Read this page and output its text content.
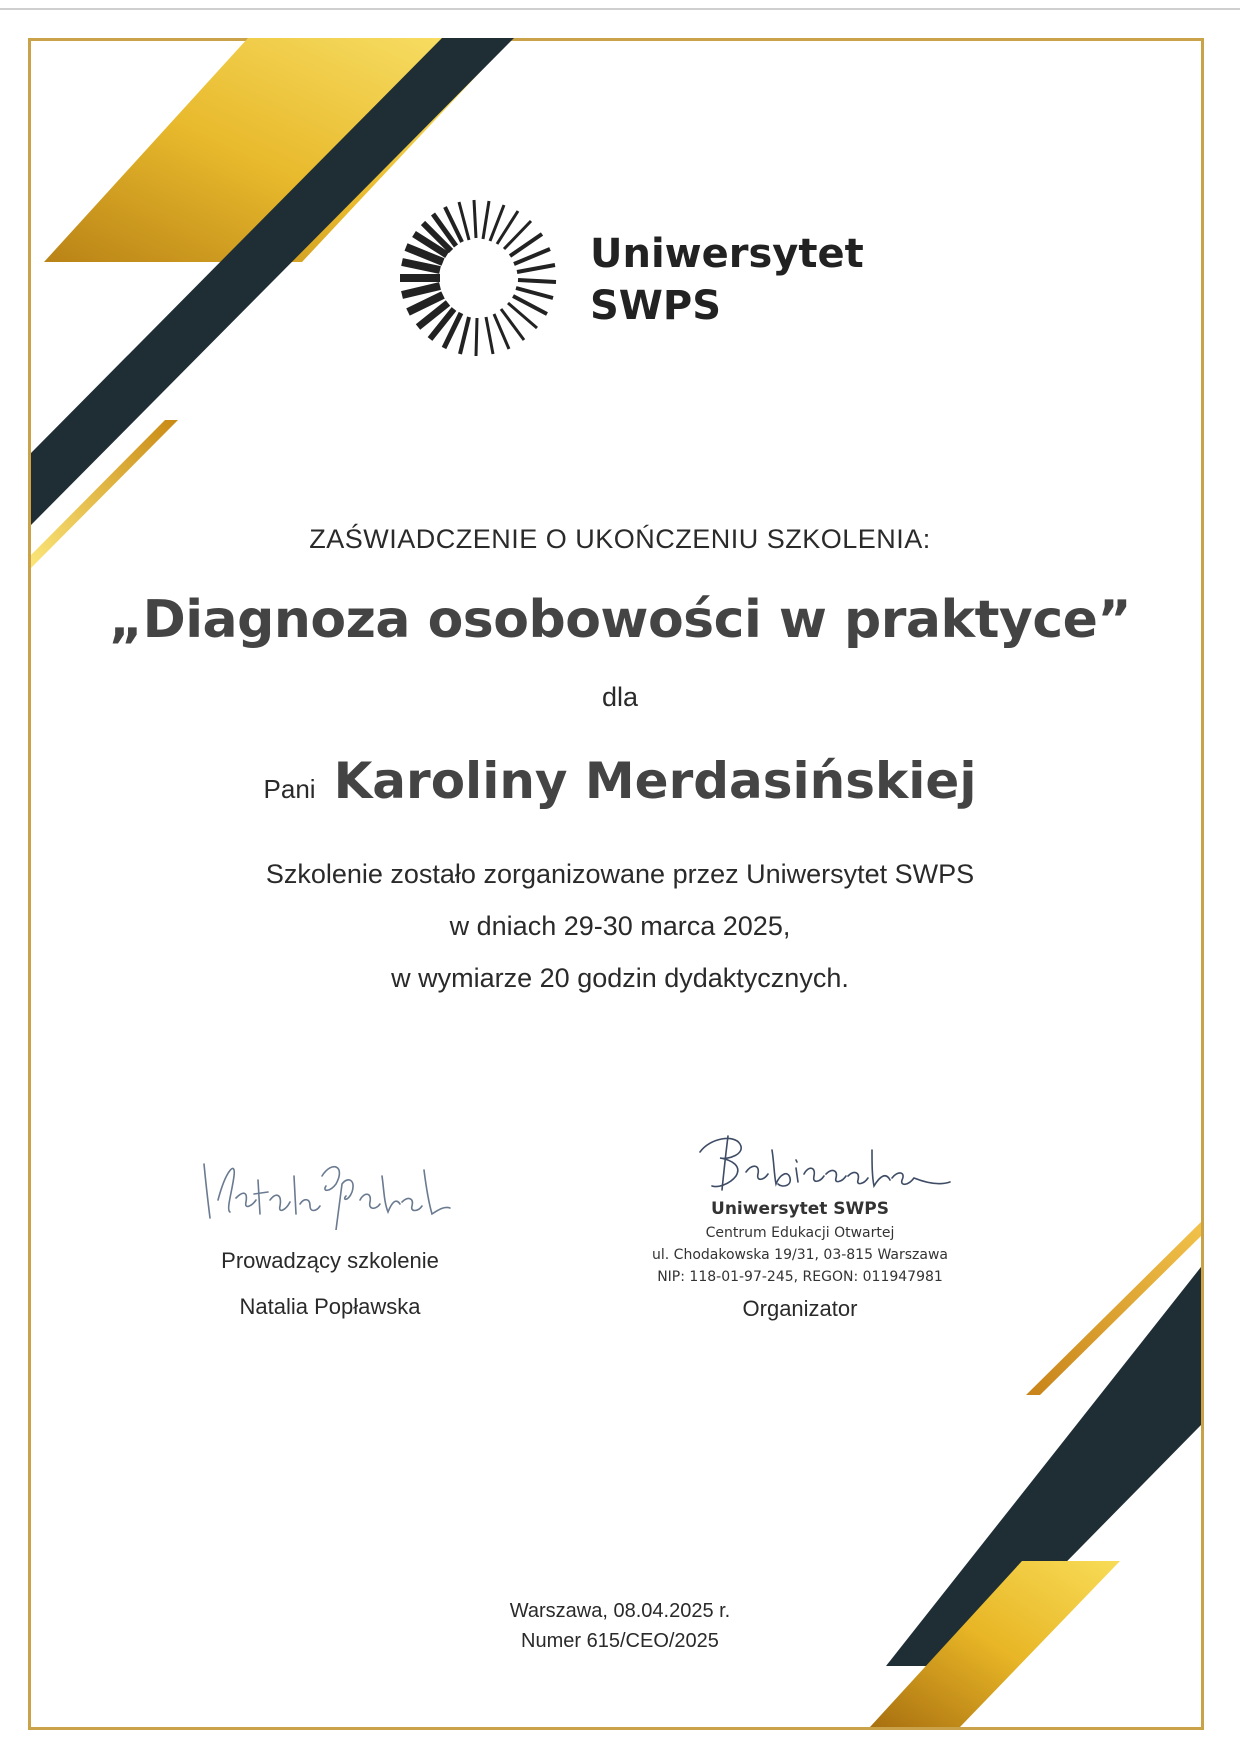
Uniwersytet
SWPS
ZAŚWIADCZENIE O UKOŃCZENIU SZKOLENIA:
„Diagnoza osobowości w praktyce”
dla
Pani Karoliny Merdasińskiej
Szkolenie zostało zorganizowane przez Uniwersytet SWPS
w dniach 29-30 marca 2025,
w wymiarze 20 godzin dydaktycznych.
Prowadzący szkolenie
Natalia Popławska
Uniwersytet SWPS
Centrum Edukacji Otwartej
ul. Chodakowska 19/31, 03-815 Warszawa
NIP: 118-01-97-245, REGON: 011947981
Organizator
Warszawa, 08.04.2025 r.
Numer 615/CEO/2025
